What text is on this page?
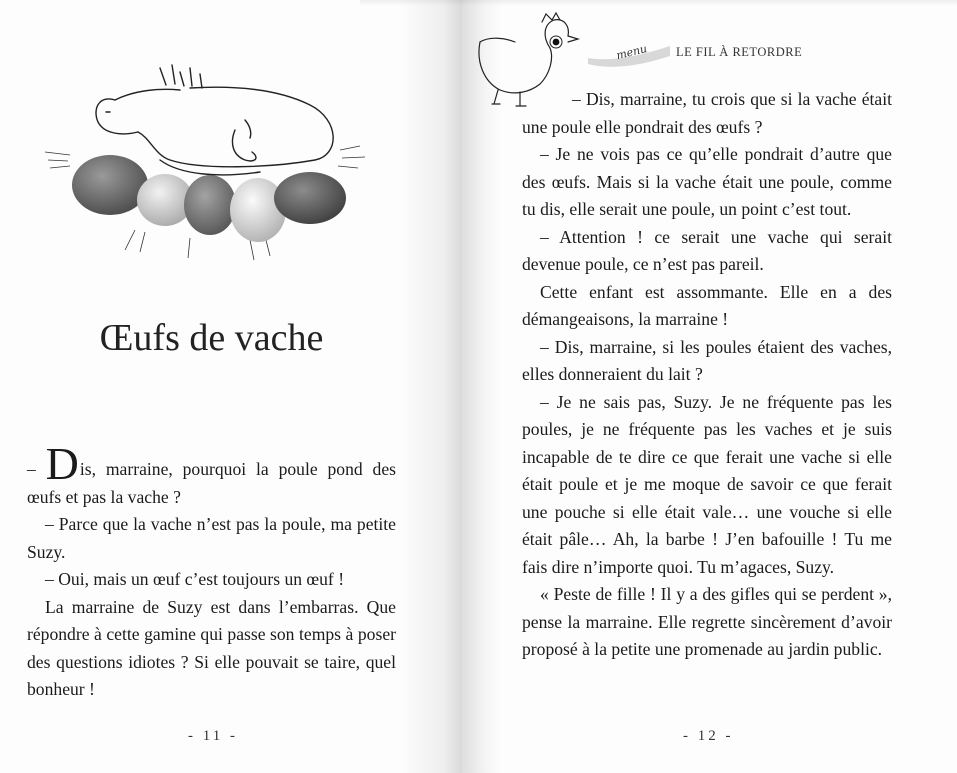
Œufs de vache

– Dis, marraine, pourquoi la poule pond des œufs et pas la vache ?

– Parce que la vache n’est pas la poule, ma petite Suzy.

– Oui, mais un œuf c’est toujours un œuf !

La marraine de Suzy est dans l’embarras. Que répondre à cette gamine qui passe son temps à poser des questions idiotes ? Si elle pouvait se taire, quel bonheur !

- 11 -
menu LE FIL À RETORDRE

– Dis, marraine, tu crois que si la vache était une poule elle pondrait des œufs ?

– Je ne vois pas ce qu’elle pondrait d’autre que des œufs. Mais si la vache était une poule, comme tu dis, elle serait une poule, un point c’est tout.

– Attention ! ce serait une vache qui serait devenue poule, ce n’est pas pareil.

Cette enfant est assommante. Elle en a des démangeaisons, la marraine !

– Dis, marraine, si les poules étaient des vaches, elles donneraient du lait ?

– Je ne sais pas, Suzy. Je ne fréquente pas les poules, je ne fréquente pas les vaches et je suis incapable de te dire ce que ferait une vache si elle était poule et je me moque de savoir ce que ferait une pouche si elle était vale… une vouche si elle était pâle… Ah, la barbe ! J’en bafouille ! Tu me fais dire n’importe quoi. Tu m’agaces, Suzy.

« Peste de fille ! Il y a des gifles qui se perdent », pense la marraine. Elle regrette sincèrement d’avoir proposé à la petite une promenade au jardin public.

- 12 -
